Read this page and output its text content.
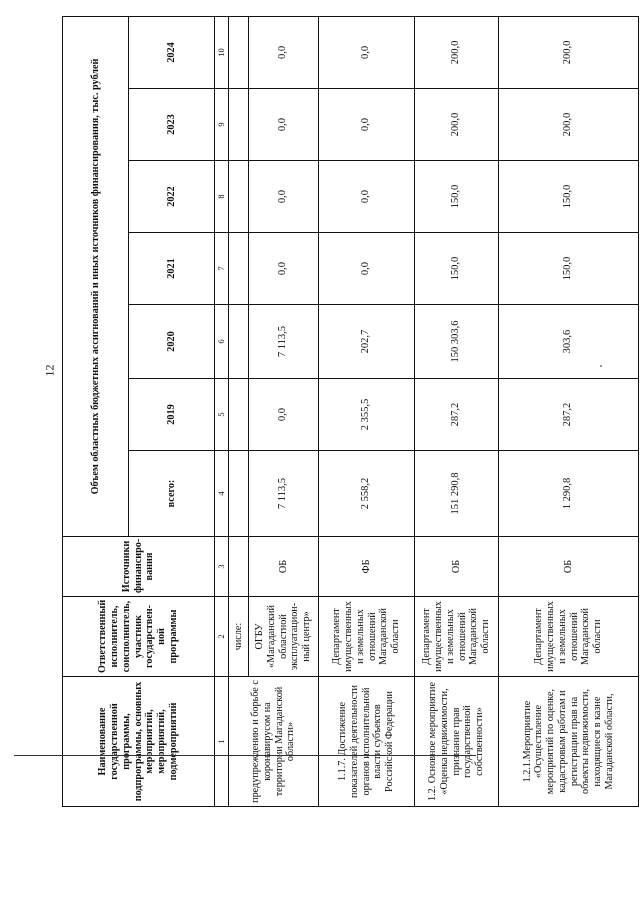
12
Наименование государственной программы, подпрограммы, основных мероприятий, мероприятий, подмероприятий	Ответственный исполнитель, соисполнитель, участник государствен-ной программы	Источники финансиро-вания	Объем областных бюджетных ассигнований и иных источников финансирования, тыс. рублей						
			всего:	2019	2020	2021	2022	2023	2024
1	2	3	4	5	6	7	8	9	10
предупреждению и борьбе с коронавирусом на территории Магаданской области»	числе:								
	ОГБУ «Магаданский областной эксплуатацион-ный центр»	ОБ	7 113,5	0,0	7 113,5	0,0	0,0	0,0	0,0
1.1.7. Достижение показателей деятельности органов исполнительной власти субъектов Российской Федерации	Департамент имущественных и земельных отношений Магаданской области	ФБ	2 558,2	2 355,5	202,7	0,0	0,0	0,0	0,0
1.2. Основное мероприятие «Оценка недвижимости, признание прав государственной собственности»	Департамент имущественных и земельных отношений Магаданской области	ОБ	151 290,8	287,2	150 303,6	150,0	150,0	200,0	200,0
1.2.1.Мероприятие «Осуществление мероприятий по оценке, кадастровым работам и регистрации прав на объекты недвижимости, находящиеся в казне Магаданской области,	Департамент имущественных и земельных отношений Магаданской области	ОБ	1 290,8	287,2	303,6	150,0	150,0	200,0	200,0
